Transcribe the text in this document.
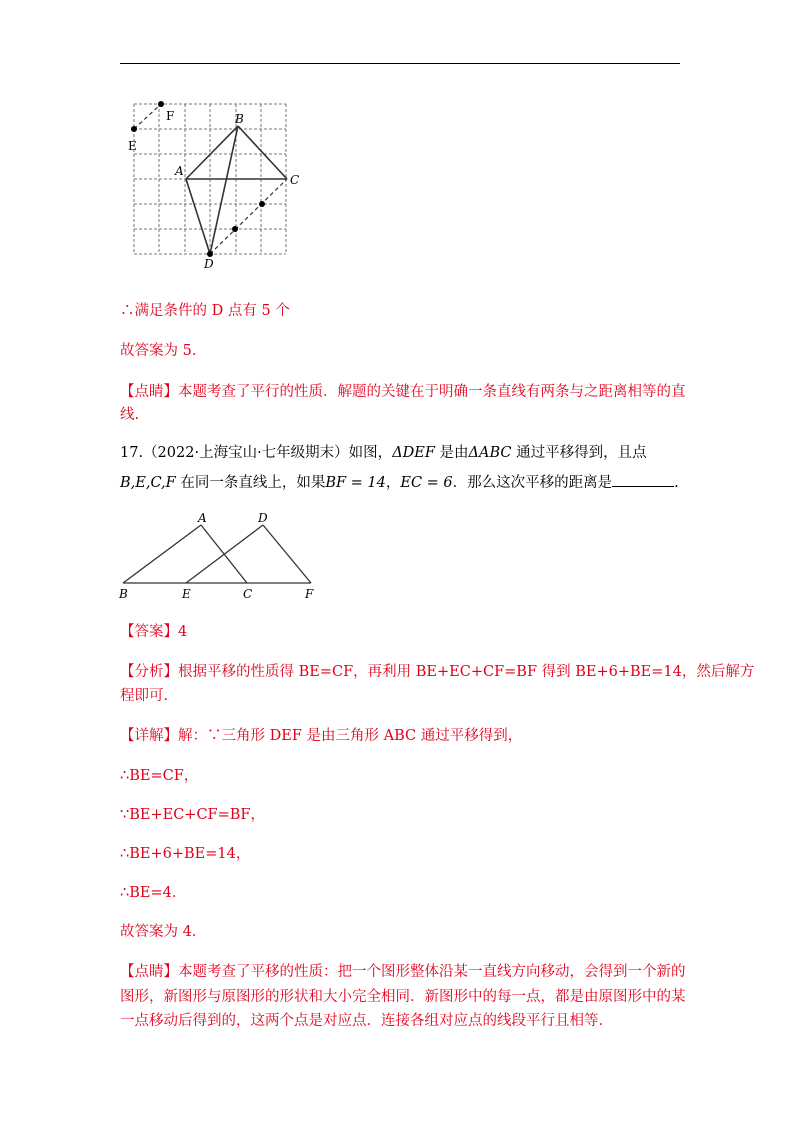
E
F	B
A
C
D
∴满足条件的 D 点有 5 个
故答案为 5.
【点睛】本题考查了平行的性质．解题的关键在于明确一条直线有两条与之距离相等的直
线.
17.（2022·上海宝山·七年级期末）如图，ΔDEF 是由ΔABC 通过平移得到，且点
B,E,C,F 在同一条直线上，如果BF = 14，EC = 6．那么这次平移的距离是	.
A	D
B	E	C	F
【答案】4
【分析】根据平移的性质得 BE=CF，再利用 BE+EC+CF=BF 得到 BE+6+BE=14，然后解方
程即可.
【详解】解：∵三角形 DEF 是由三角形 ABC 通过平移得到，
∴BE=CF，
∵BE+EC+CF=BF，
∴BE+6+BE=14，
∴BE=4．
故答案为 4．
【点睛】本题考查了平移的性质：把一个图形整体沿某一直线方向移动，会得到一个新的
图形，新图形与原图形的形状和大小完全相同．新图形中的每一点，都是由原图形中的某
一点移动后得到的，这两个点是对应点．连接各组对应点的线段平行且相等．
